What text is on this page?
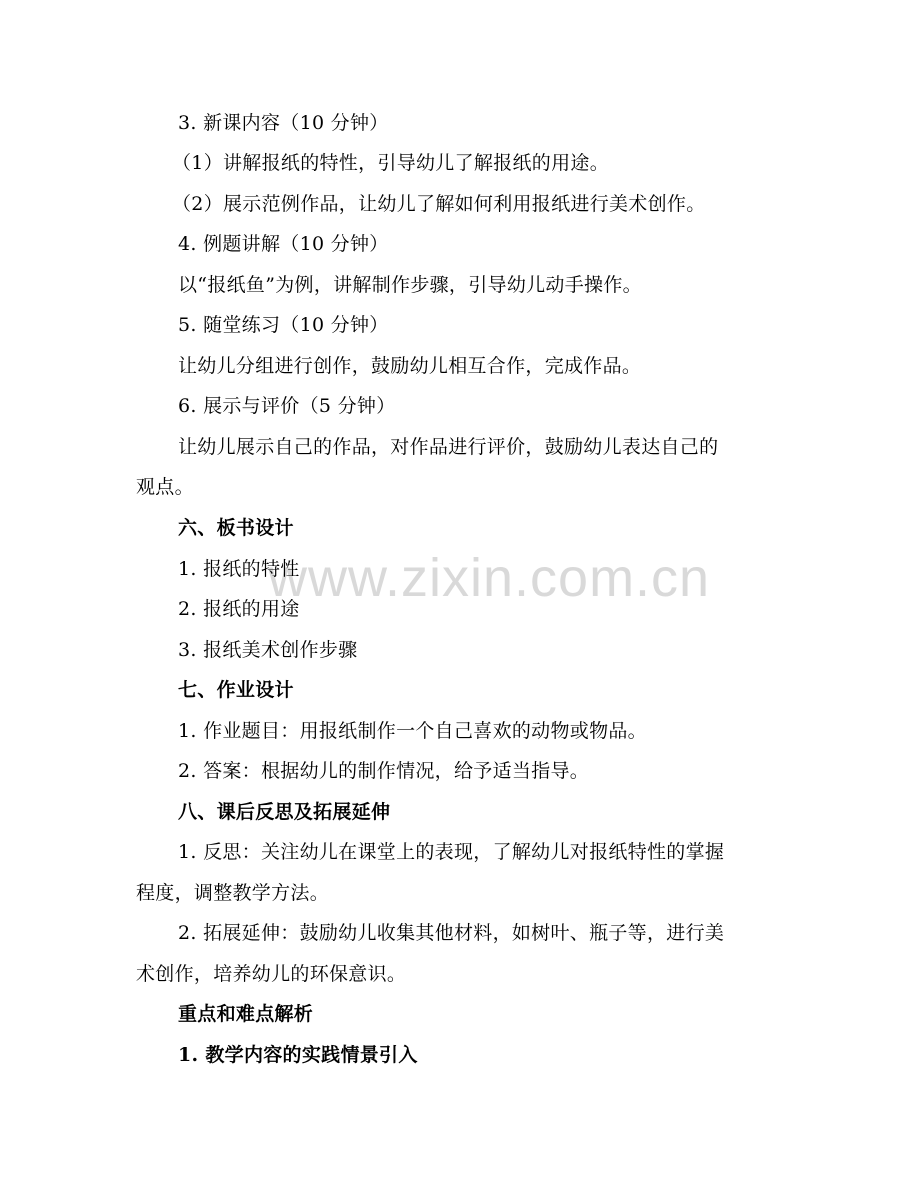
www.zixin.com.cn
3. 新课内容（10 分钟）
（1）讲解报纸的特性，引导幼儿了解报纸的用途。
（2）展示范例作品，让幼儿了解如何利用报纸进行美术创作。
4. 例题讲解（10 分钟）
以“报纸鱼”为例，讲解制作步骤，引导幼儿动手操作。
5. 随堂练习（10 分钟）
让幼儿分组进行创作，鼓励幼儿相互合作，完成作品。
6. 展示与评价（5 分钟）
让幼儿展示自己的作品，对作品进行评价，鼓励幼儿表达自己的
观点。
六、板书设计
1. 报纸的特性
2. 报纸的用途
3. 报纸美术创作步骤
七、作业设计
1. 作业题目：用报纸制作一个自己喜欢的动物或物品。
2. 答案：根据幼儿的制作情况，给予适当指导。
八、课后反思及拓展延伸
1. 反思：关注幼儿在课堂上的表现，了解幼儿对报纸特性的掌握
程度，调整教学方法。
2. 拓展延伸：鼓励幼儿收集其他材料，如树叶、瓶子等，进行美
术创作，培养幼儿的环保意识。
重点和难点解析
1. 教学内容的实践情景引入
